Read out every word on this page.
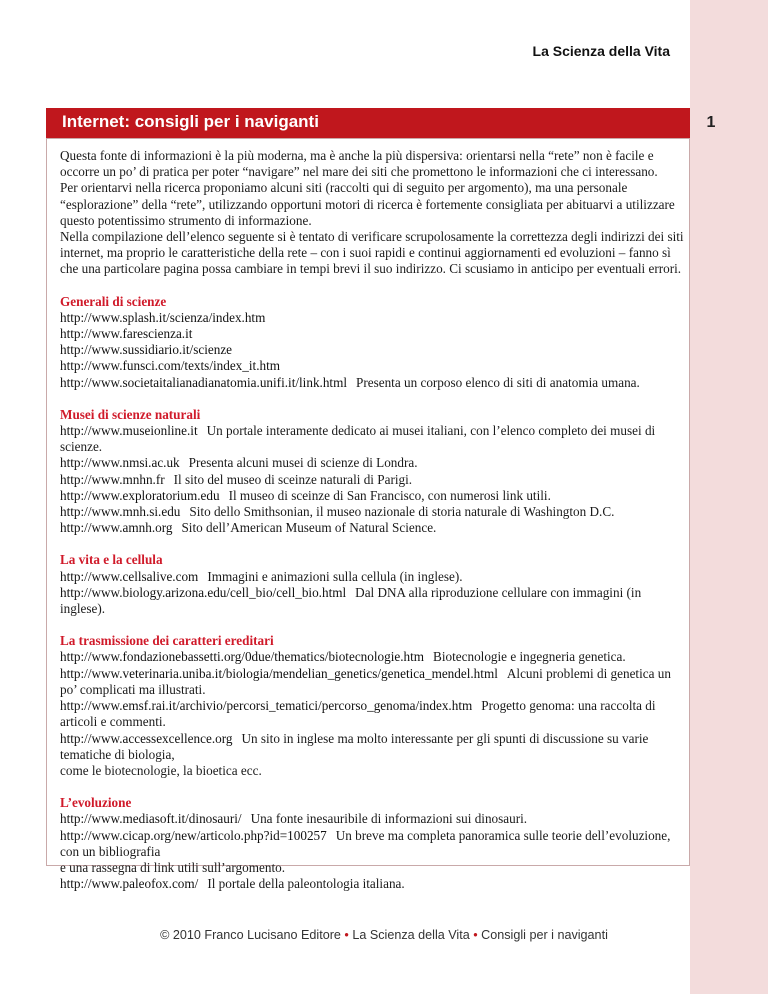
La Scienza della Vita
Internet: consigli per i naviganti	1

Questa fonte di informazioni è la più moderna, ma è anche la più dispersiva: orientarsi nella “rete” non è facile e occorre un po’ di pratica per poter “navigare” nel mare dei siti che promettono le informazioni che ci interessano.

Per orientarvi nella ricerca proponiamo alcuni siti (raccolti qui di seguito per argomento), ma una personale “esplorazione” della “rete”, utilizzando opportuni motori di ricerca è fortemente consigliata per abituarvi a utilizzare questo potentissimo strumento di informazione.

Nella compilazione dell’elenco seguente si è tentato di verificare scrupolosamente la correttezza degli indirizzi dei siti internet, ma proprio le caratteristiche della rete – con i suoi rapidi e continui aggiornamenti ed evoluzioni – fanno sì che una particolare pagina possa cambiare in tempi brevi il suo indirizzo. Ci scusiamo in anticipo per eventuali errori.

Generali di scienze

http://www.splash.it/scienza/index.htm

http://www.farescienza.it

http://www.sussidiario.it/scienze

http://www.funsci.com/texts/index_it.htm

http://www.societaitalianadianatomia.unifi.it/link.html Presenta un corposo elenco di siti di anatomia umana.

Musei di scienze naturali

http://www.museionline.it Un portale interamente dedicato ai musei italiani, con l’elenco completo dei musei di scienze.

http://www.nmsi.ac.uk Presenta alcuni musei di scienze di Londra.

http://www.mnhn.fr Il sito del museo di sceinze naturali di Parigi.

http://www.exploratorium.edu Il museo di sceinze di San Francisco, con numerosi link utili.

http://www.mnh.si.edu Sito dello Smithsonian, il museo nazionale di storia naturale di Washington D.C.

http://www.amnh.org Sito dell’American Museum of Natural Science.

La vita e la cellula

http://www.cellsalive.com Immagini e animazioni sulla cellula (in inglese).

http://www.biology.arizona.edu/cell_bio/cell_bio.html Dal DNA alla riproduzione cellulare con immagini (in inglese).

La trasmissione dei caratteri ereditari

http://www.fondazionebassetti.org/0due/thematics/biotecnologie.htm Biotecnologie e ingegneria genetica.

http://www.veterinaria.uniba.it/biologia/mendelian_genetics/genetica_mendel.html Alcuni problemi di genetica un po’ complicati ma illustrati.

http://www.emsf.rai.it/archivio/percorsi_tematici/percorso_genoma/index.htm Progetto genoma: una raccolta di articoli e commenti.

http://www.accessexcellence.org Un sito in inglese ma molto interessante per gli spunti di discussione su varie tematiche di biologia,

come le biotecnologie, la bioetica ecc.

L’evoluzione

http://www.mediasoft.it/dinosauri/ Una fonte inesauribile di informazioni sui dinosauri.

http://www.cicap.org/new/articolo.php?id=100257 Un breve ma completa panoramica sulle teorie dell’evoluzione, con un bibliografia

e una rassegna di link utili sull’argomento.

http://www.paleofox.com/ Il portale della paleontologia italiana.

© 2010 Franco Lucisano Editore • La Scienza della Vita • Consigli per i naviganti
